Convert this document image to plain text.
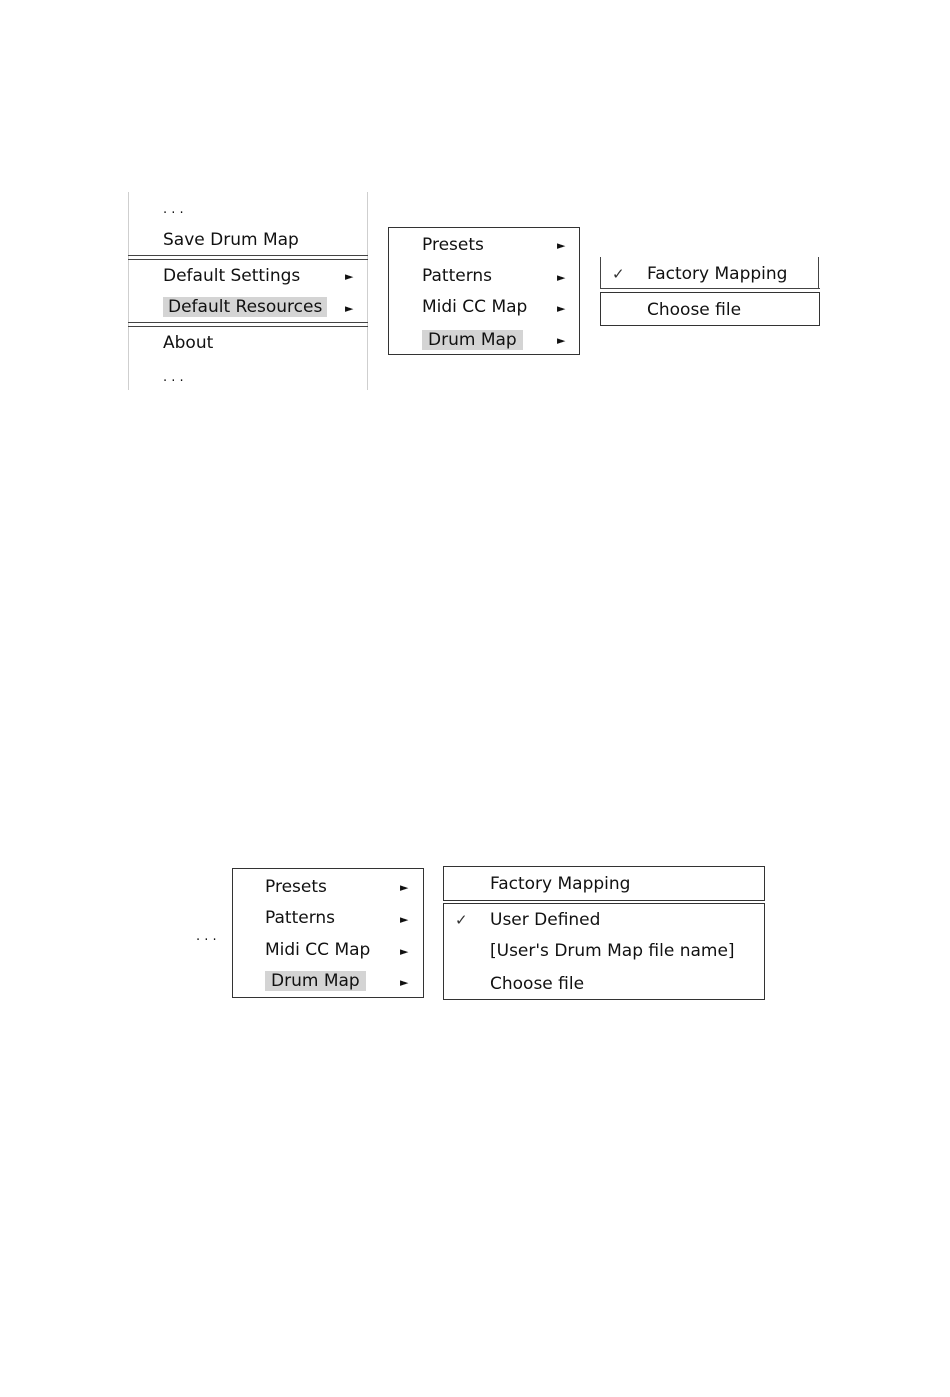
. . .
Save Drum Map
Default Settings	►
Default Resources	►
About
. . .
Presets	►
Patterns	►
Midi CC Map	►
Drum Map	►
✓ Factory Mapping
Choose file
. . .
Presets	►
Patterns	►
Midi CC Map	►
Drum Map	►
Factory Mapping
✓ User Defined
[User's Drum Map file name]
Choose file
